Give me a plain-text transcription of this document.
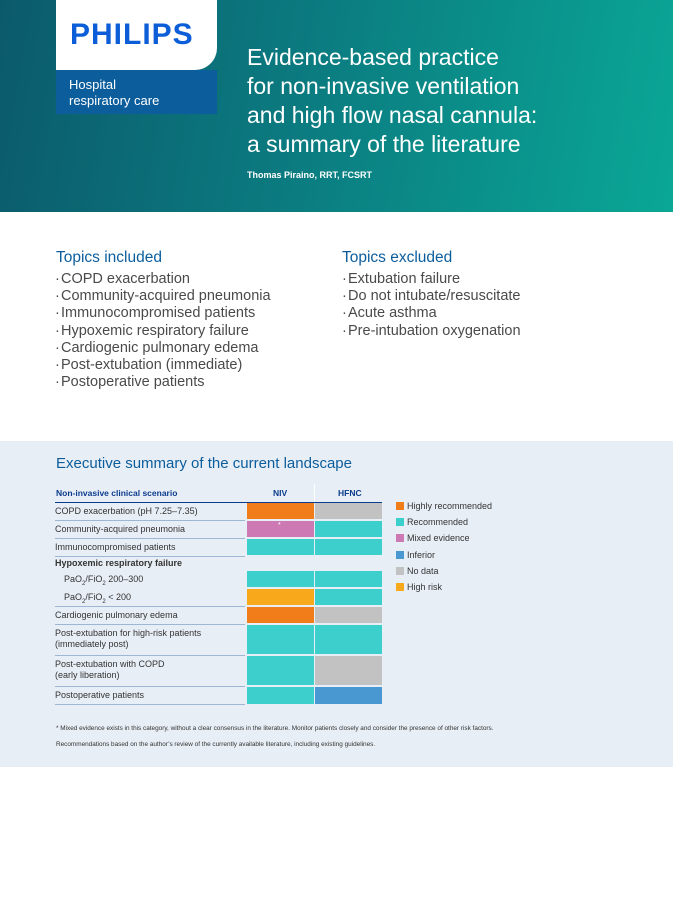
PHILIPS
Hospital
respiratory care
Evidence-based practice
for non-invasive ventilation
and high flow nasal cannula:
a summary of the literature
Thomas Piraino, RRT, FCSRT
Topics included
·COPD exacerbation
·Community-acquired pneumonia
·Immunocompromised patients
·Hypoxemic respiratory failure
·Cardiogenic pulmonary edema
·Post-extubation (immediate)
·Postoperative patients
Topics excluded
·Extubation failure
·Do not intubate/resuscitate
·Acute asthma
·Pre-intubation oxygenation
Executive summary of the current landscape
Non-invasive clinical scenario	NIV	HFNC
COPD exacerbation (pH 7.25–7.35)
Community-acquired pneumonia	*
Immunocompromised patients
Hypoxemic respiratory failure
PaO$_2$/FiO$_2$ 200–300
PaO$_2$/FiO$_2$ < 200
Cardiogenic pulmonary edema
Post-extubation for high-risk patients
(immediately post)
Post-extubation with COPD
(early liberation)
Postoperative patients
Highly recommended
Recommended
Mixed evidence
Inferior
No data
High risk
* Mixed evidence exists in this category, without a clear consensus in the literature. Monitor patients closely and consider the presence of other risk factors.
Recommendations based on the author’s review of the currently available literature, including existing guidelines.
